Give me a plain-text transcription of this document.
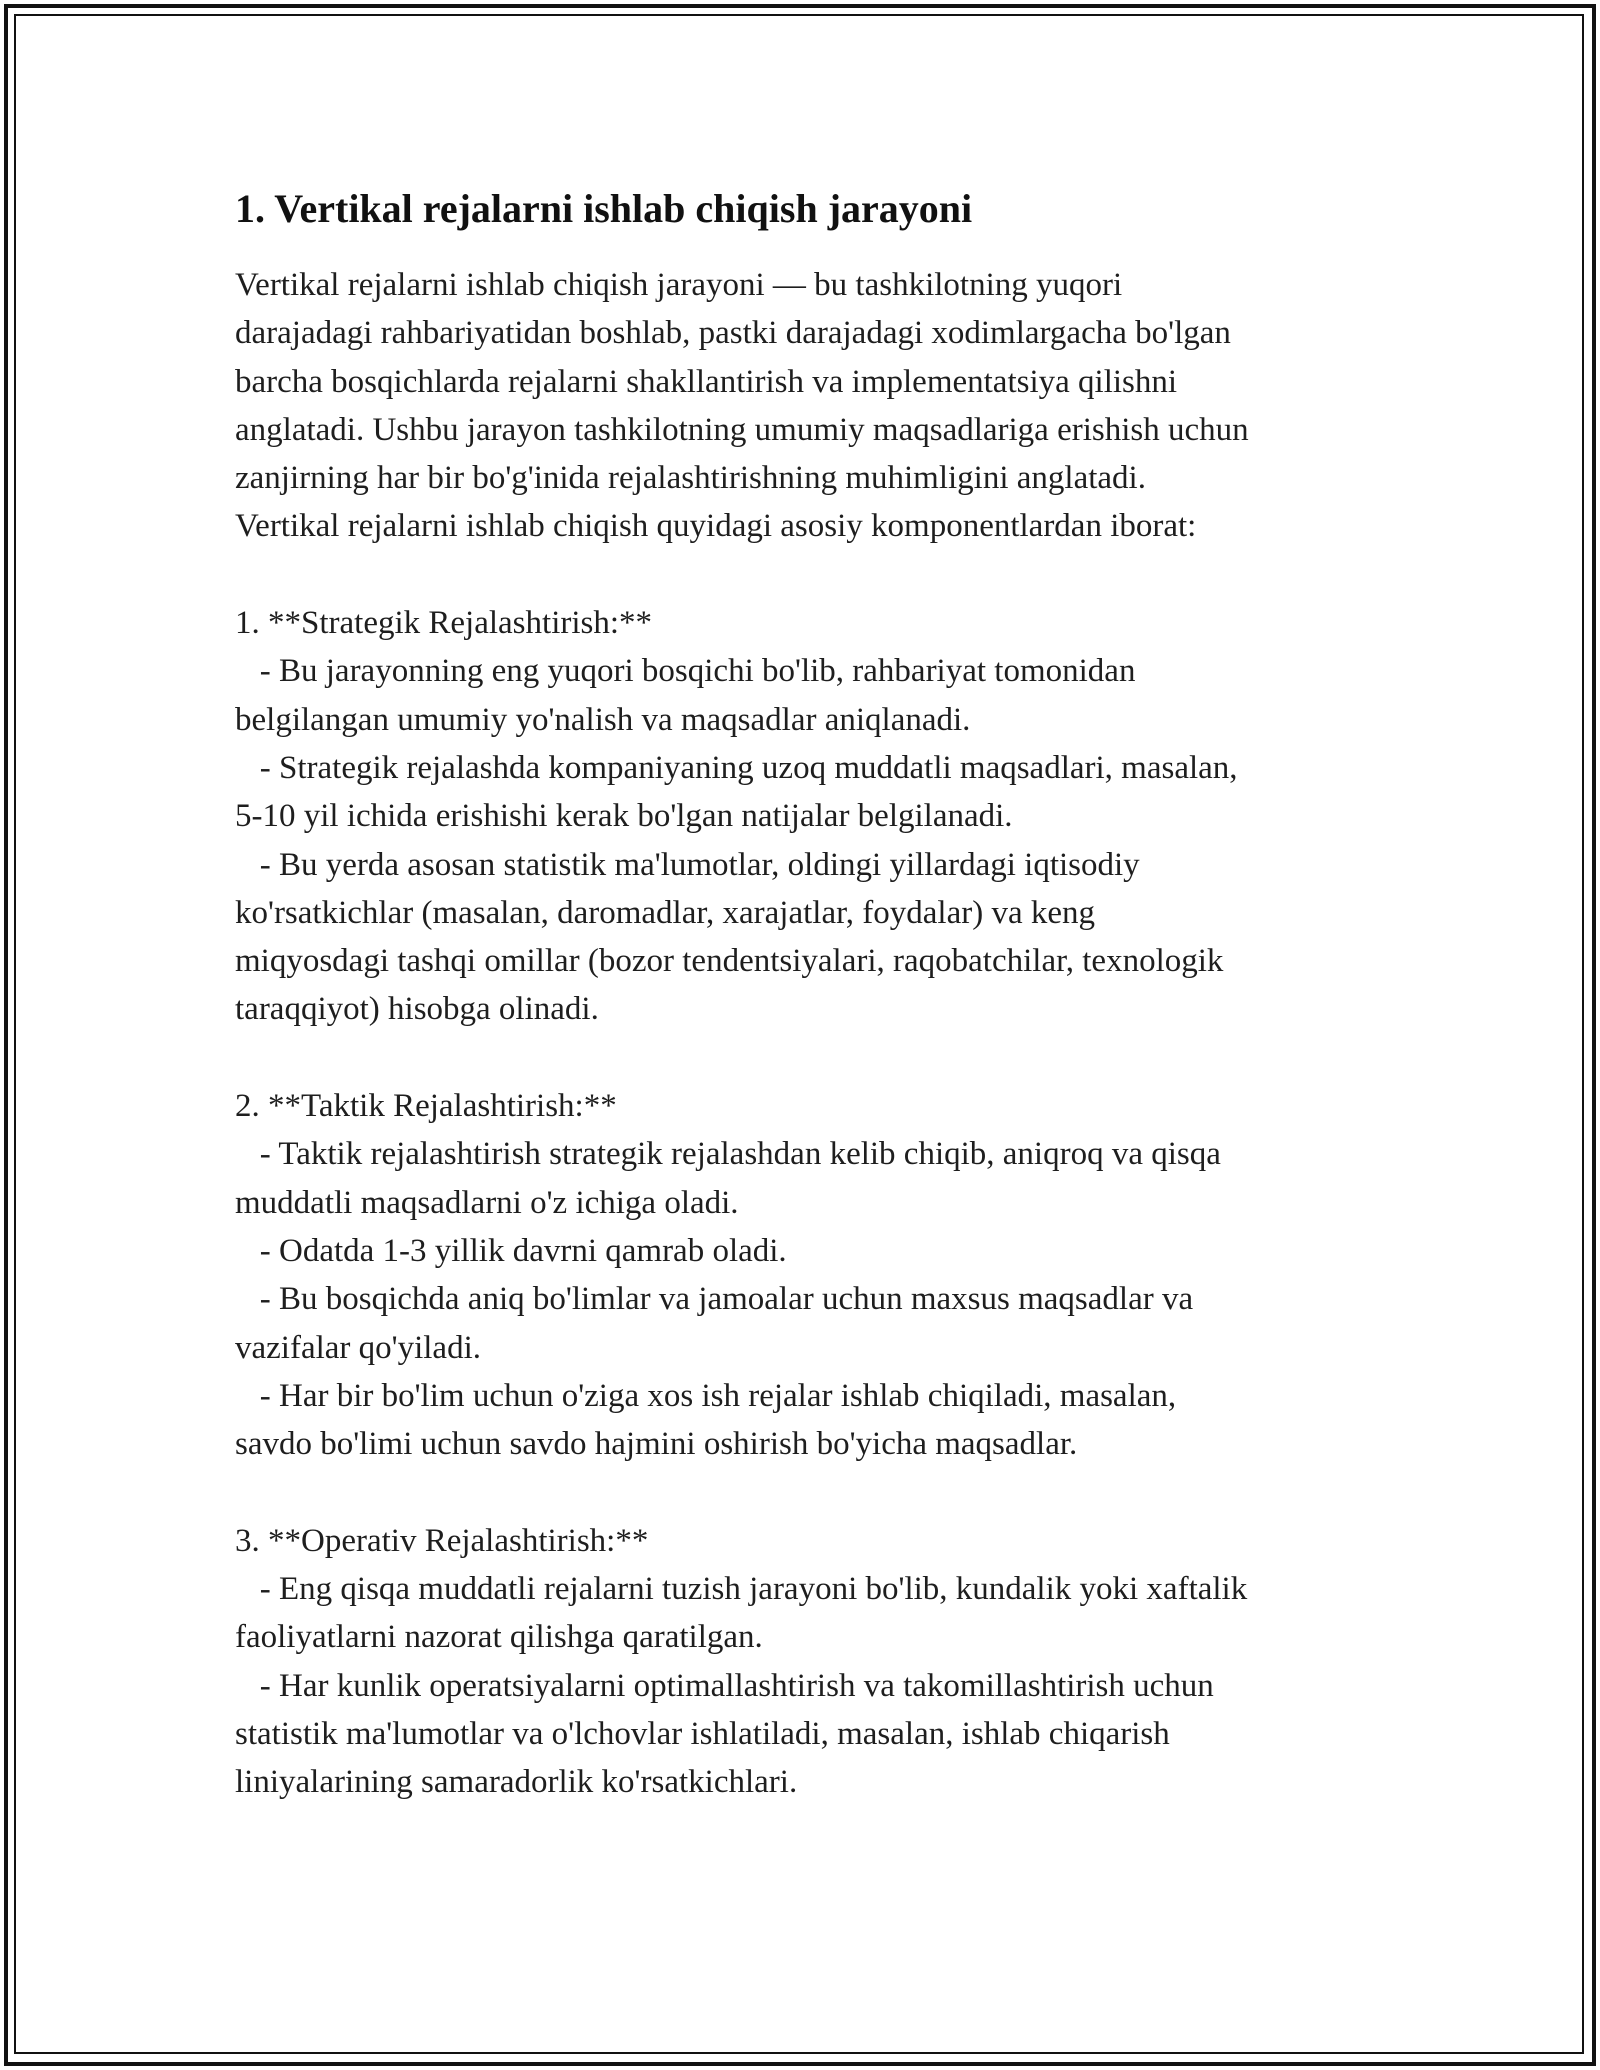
1. Vertikal rejalarni ishlab chiqish jarayoni
Vertikal rejalarni ishlab chiqish jarayoni — bu tashkilotning yuqori
darajadagi rahbariyatidan boshlab, pastki darajadagi xodimlargacha bo'lgan
barcha bosqichlarda rejalarni shakllantirish va implementatsiya qilishni
anglatadi. Ushbu jarayon tashkilotning umumiy maqsadlariga erishish uchun
zanjirning har bir bo'g'inida rejalashtirishning muhimligini anglatadi.
Vertikal rejalarni ishlab chiqish quyidagi asosiy komponentlardan iborat:
1. **Strategik Rejalashtirish:**
- Bu jarayonning eng yuqori bosqichi bo'lib, rahbariyat tomonidan
belgilangan umumiy yo'nalish va maqsadlar aniqlanadi.
- Strategik rejalashda kompaniyaning uzoq muddatli maqsadlari, masalan,
5-10 yil ichida erishishi kerak bo'lgan natijalar belgilanadi.
- Bu yerda asosan statistik ma'lumotlar, oldingi yillardagi iqtisodiy
ko'rsatkichlar (masalan, daromadlar, xarajatlar, foydalar) va keng
miqyosdagi tashqi omillar (bozor tendentsiyalari, raqobatchilar, texnologik
taraqqiyot) hisobga olinadi.
2. **Taktik Rejalashtirish:**
- Taktik rejalashtirish strategik rejalashdan kelib chiqib, aniqroq va qisqa
muddatli maqsadlarni o'z ichiga oladi.
- Odatda 1-3 yillik davrni qamrab oladi.
- Bu bosqichda aniq bo'limlar va jamoalar uchun maxsus maqsadlar va
vazifalar qo'yiladi.
- Har bir bo'lim uchun o'ziga xos ish rejalar ishlab chiqiladi, masalan,
savdo bo'limi uchun savdo hajmini oshirish bo'yicha maqsadlar.
3. **Operativ Rejalashtirish:**
- Eng qisqa muddatli rejalarni tuzish jarayoni bo'lib, kundalik yoki xaftalik
faoliyatlarni nazorat qilishga qaratilgan.
- Har kunlik operatsiyalarni optimallashtirish va takomillashtirish uchun
statistik ma'lumotlar va o'lchovlar ishlatiladi, masalan, ishlab chiqarish
liniyalarining samaradorlik ko'rsatkichlari.
